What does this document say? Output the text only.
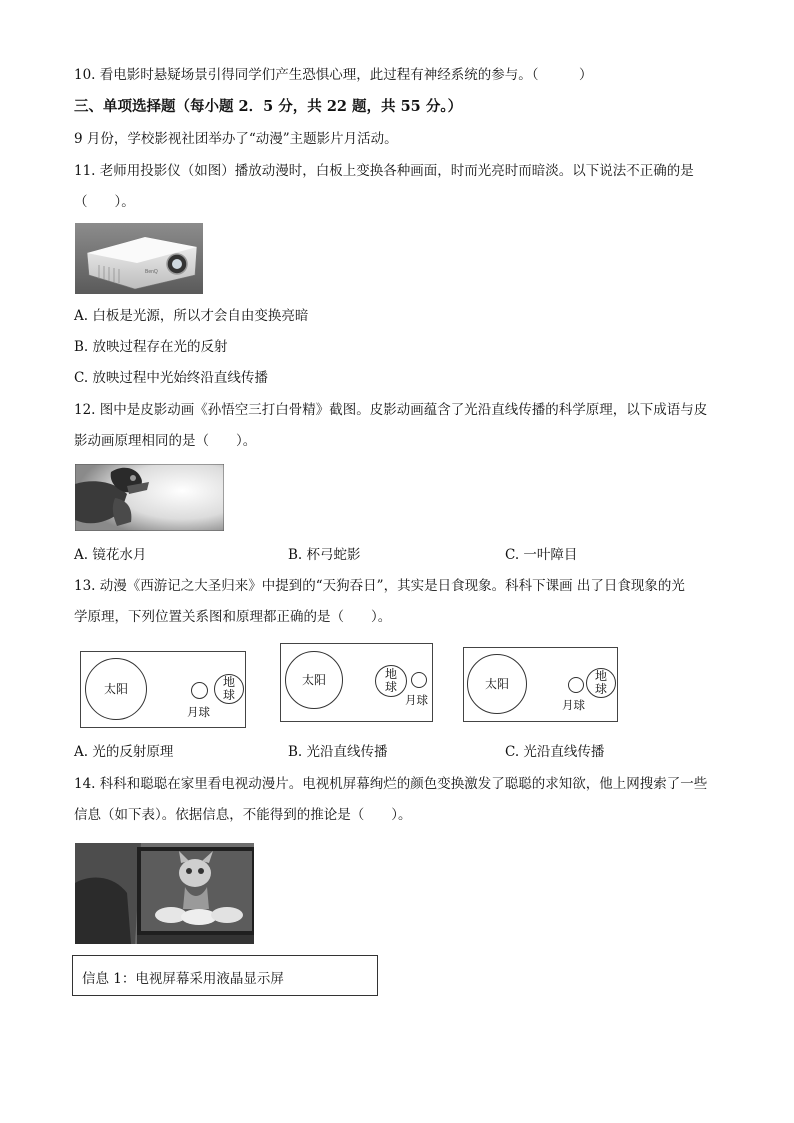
10. 看电影时悬疑场景引得同学们产生恐惧心理，此过程有神经系统的参与。（　　　）
三、单项选择题（每小题 2．5 分，共 22 题，共 55 分。）
9 月份，学校影视社团举办了“动漫”主题影片月活动。
11. 老师用投影仪（如图）播放动漫时，白板上变换各种画面，时而光亮时而暗淡。以下说法不正确的是
（　　）。
BenQ
A. 白板是光源，所以才会自由变换亮暗
B. 放映过程存在光的反射
C. 放映过程中光始终沿直线传播
12. 图中是皮影动画《孙悟空三打白骨精》截图。皮影动画蕴含了光沿直线传播的科学原理，以下成语与皮
影动画原理相同的是（　　）。
A. 镜花水月	B. 杯弓蛇影	C. 一叶障目
13. 动漫《西游记之大圣归来》中提到的“天狗吞日”，其实是日食现象。科科下课画 出了日食现象的光
学原理，下列位置关系图和原理都正确的是（　　）。
太阳
月球
地
球
太阳	地
球
月球
太阳
月球
地
球
A. 光的反射原理	B. 光沿直线传播	C. 光沿直线传播
14. 科科和聪聪在家里看电视动漫片。电视机屏幕绚烂的颜色变换激发了聪聪的求知欲，他上网搜索了一些
信息（如下表）。依据信息，不能得到的推论是（　　）。
信息 1：电视屏幕采用液晶显示屏
